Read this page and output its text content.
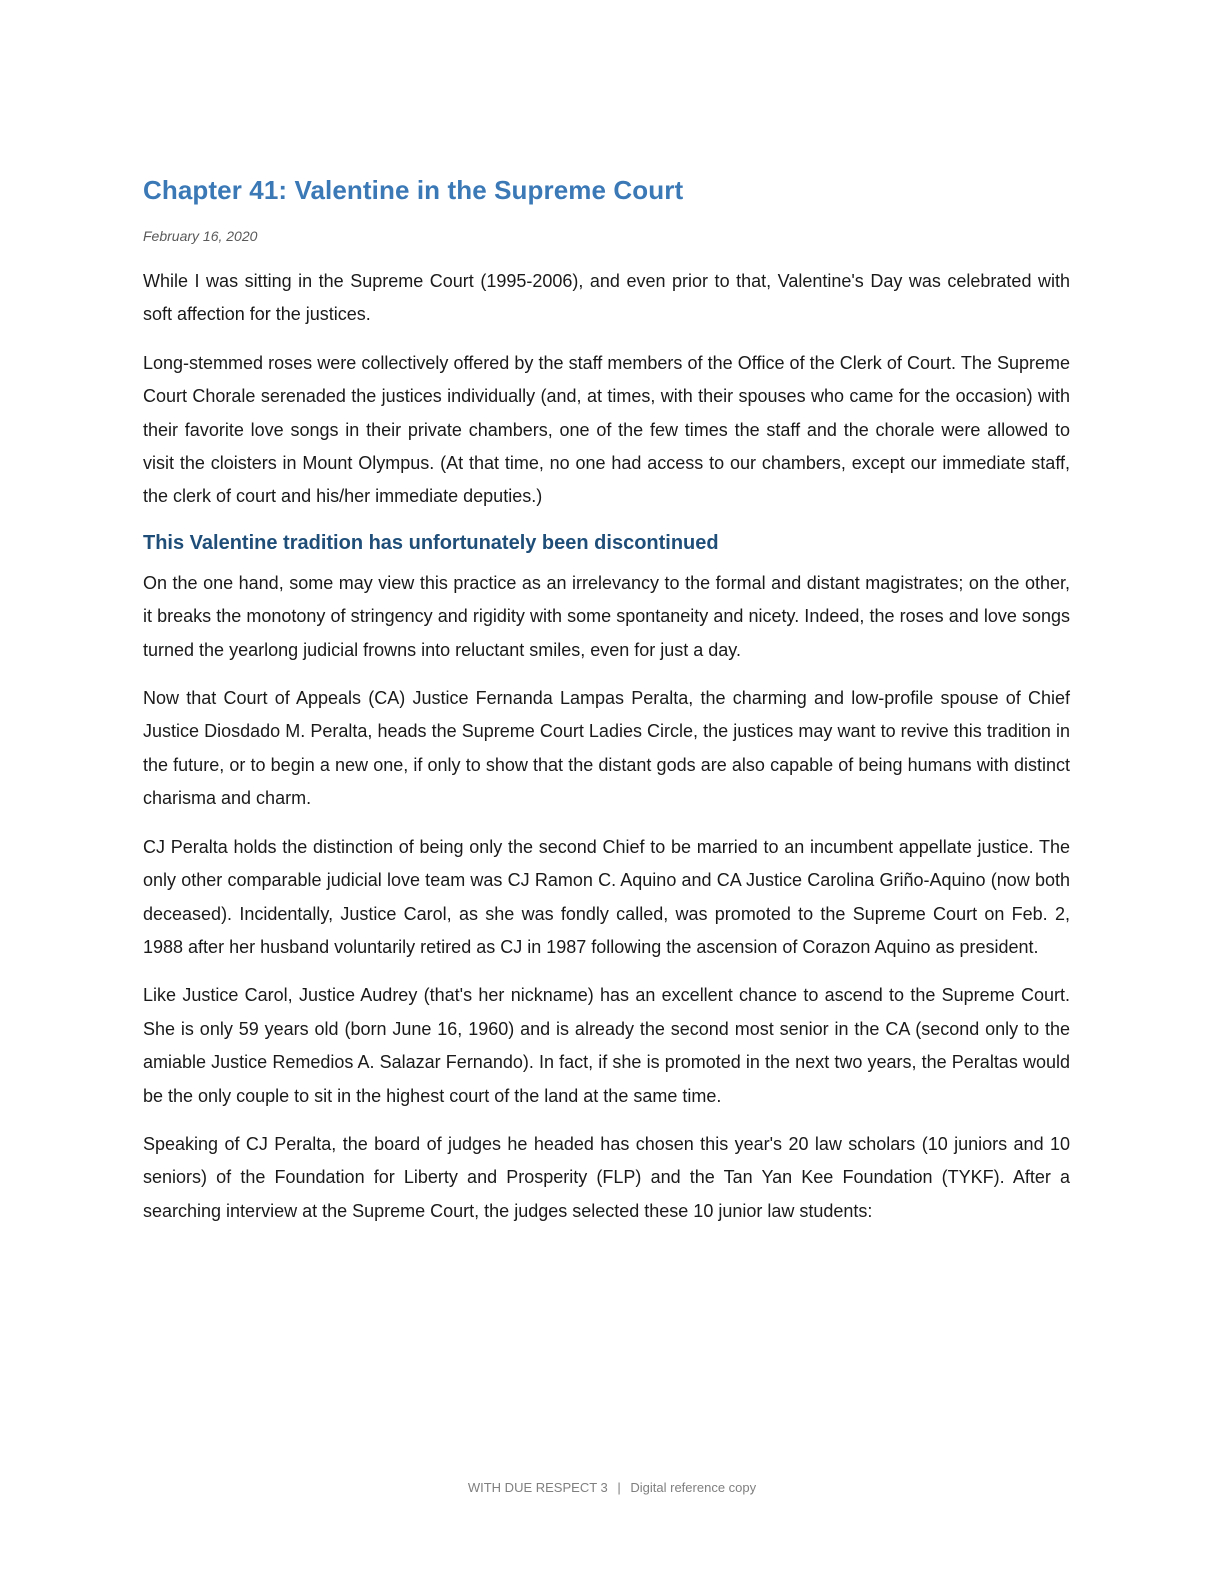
Chapter 41: Valentine in the Supreme Court
February 16, 2020

While I was sitting in the Supreme Court (1995-2006), and even prior to that, Valentine's Day was celebrated with soft affection for the justices.

Long-stemmed roses were collectively offered by the staff members of the Office of the Clerk of Court. The Supreme Court Chorale serenaded the justices individually (and, at times, with their spouses who came for the occasion) with their favorite love songs in their private chambers, one of the few times the staff and the chorale were allowed to visit the cloisters in Mount Olympus. (At that time, no one had access to our chambers, except our immediate staff, the clerk of court and his/her immediate deputies.)

This Valentine tradition has unfortunately been discontinued

On the one hand, some may view this practice as an irrelevancy to the formal and distant magistrates; on the other, it breaks the monotony of stringency and rigidity with some spontaneity and nicety. Indeed, the roses and love songs turned the yearlong judicial frowns into reluctant smiles, even for just a day.

Now that Court of Appeals (CA) Justice Fernanda Lampas Peralta, the charming and low-profile spouse of Chief Justice Diosdado M. Peralta, heads the Supreme Court Ladies Circle, the justices may want to revive this tradition in the future, or to begin a new one, if only to show that the distant gods are also capable of being humans with distinct charisma and charm.

CJ Peralta holds the distinction of being only the second Chief to be married to an incumbent appellate justice. The only other comparable judicial love team was CJ Ramon C. Aquino and CA Justice Carolina Griño-Aquino (now both deceased). Incidentally, Justice Carol, as she was fondly called, was promoted to the Supreme Court on Feb. 2, 1988 after her husband voluntarily retired as CJ in 1987 following the ascension of Corazon Aquino as president.

Like Justice Carol, Justice Audrey (that's her nickname) has an excellent chance to ascend to the Supreme Court. She is only 59 years old (born June 16, 1960) and is already the second most senior in the CA (second only to the amiable Justice Remedios A. Salazar Fernando). In fact, if she is promoted in the next two years, the Peraltas would be the only couple to sit in the highest court of the land at the same time.

Speaking of CJ Peralta, the board of judges he headed has chosen this year's 20 law scholars (10 juniors and 10 seniors) of the Foundation for Liberty and Prosperity (FLP) and the Tan Yan Kee Foundation (TYKF). After a searching interview at the Supreme Court, the judges selected these 10 junior law students:

WITH DUE RESPECT 3 | Digital reference copy
